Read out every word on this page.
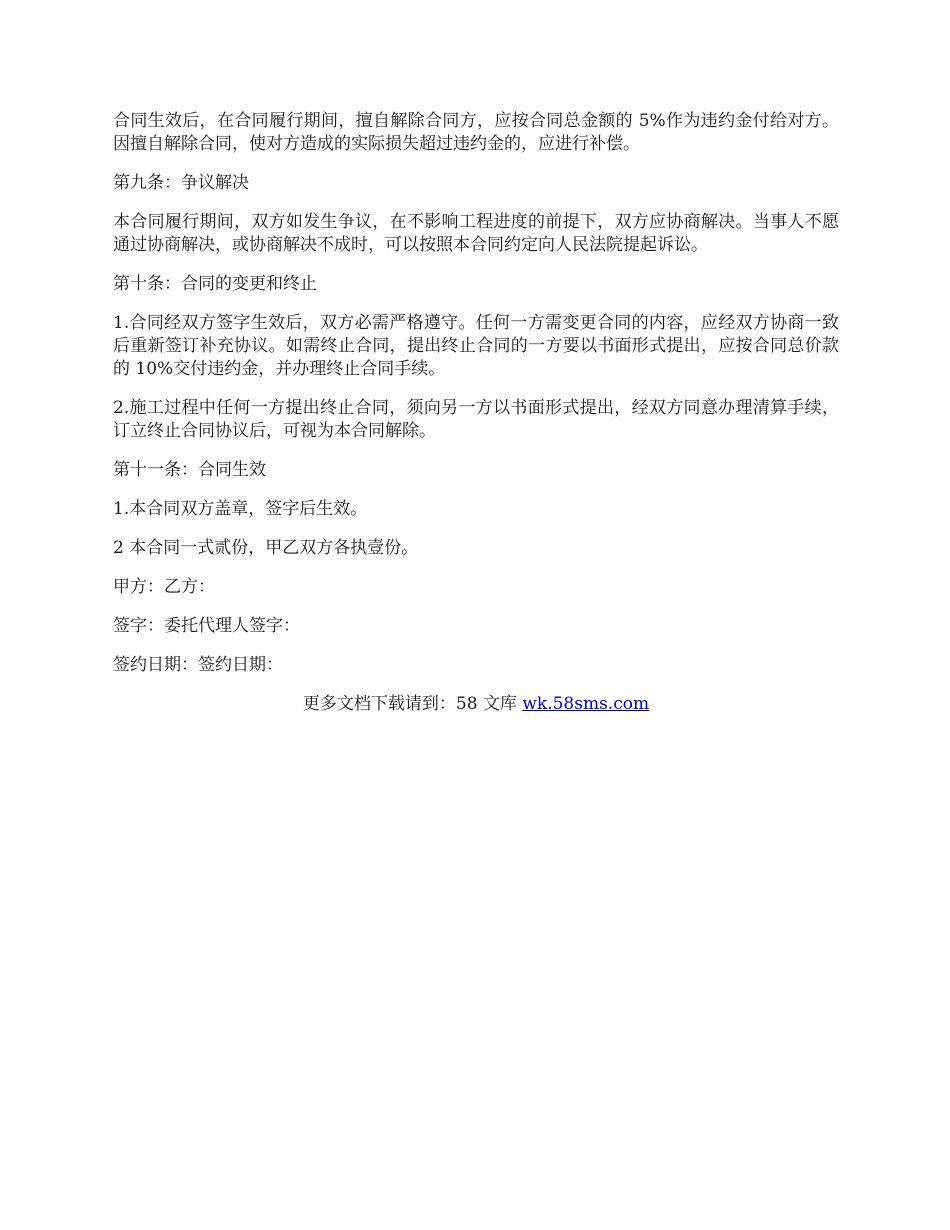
合同生效后，在合同履行期间，擅自解除合同方，应按合同总金额的 5%作为违约金付给对方。因擅自解除合同，使对方造成的实际损失超过违约金的，应进行补偿。

第九条：争议解决

本合同履行期间，双方如发生争议，在不影响工程进度的前提下，双方应协商解决。当事人不愿通过协商解决，或协商解决不成时，可以按照本合同约定向人民法院提起诉讼。

第十条：合同的变更和终止

1.合同经双方签字生效后，双方必需严格遵守。任何一方需变更合同的内容，应经双方协商一致后重新签订补充协议。如需终止合同，提出终止合同的一方要以书面形式提出，应按合同总价款的 10%交付违约金，并办理终止合同手续。

2.施工过程中任何一方提出终止合同，须向另一方以书面形式提出，经双方同意办理清算手续，订立终止合同协议后，可视为本合同解除。

第十一条：合同生效

1.本合同双方盖章，签字后生效。

2 本合同一式贰份，甲乙双方各执壹份。

甲方：乙方：

签字：委托代理人签字：

签约日期：签约日期：

更多文档下载请到：58 文库 wk.58sms.com
